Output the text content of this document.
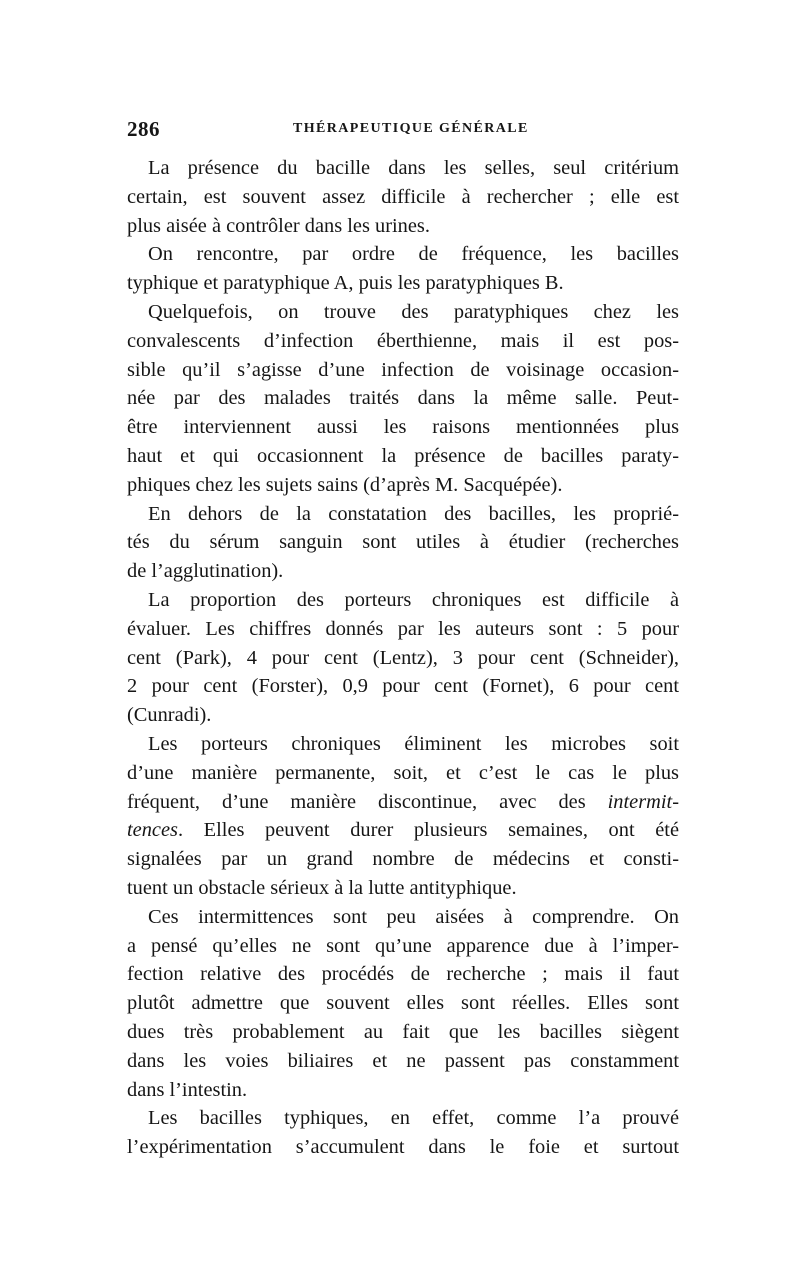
286	THÉRAPEUTIQUE GÉNÉRALE
La présence du bacille dans les selles, seul critérium
certain, est souvent assez difficile à rechercher ; elle est
plus aisée à contrôler dans les urines.
On rencontre, par ordre de fréquence, les bacilles
typhique et paratyphique A, puis les paratyphiques B.
Quelquefois, on trouve des paratyphiques chez les
convalescents d’infection éberthienne, mais il est pos-
sible qu’il s’agisse d’une infection de voisinage occasion-
née par des malades traités dans la même salle. Peut-
être interviennent aussi les raisons mentionnées plus
haut et qui occasionnent la présence de bacilles paraty-
phiques chez les sujets sains (d’après M. Sacquépée).
En dehors de la constatation des bacilles, les proprié-
tés du sérum sanguin sont utiles à étudier (recherches
de l’agglutination).
La proportion des porteurs chroniques est difficile à
évaluer. Les chiffres donnés par les auteurs sont : 5 pour
cent (Park), 4 pour cent (Lentz), 3 pour cent (Schneider),
2 pour cent (Forster), 0,9 pour cent (Fornet), 6 pour cent
(Cunradi).
Les porteurs chroniques éliminent les microbes soit
d’une manière permanente, soit, et c’est le cas le plus
fréquent, d’une manière discontinue, avec des intermit-
tences. Elles peuvent durer plusieurs semaines, ont été
signalées par un grand nombre de médecins et consti-
tuent un obstacle sérieux à la lutte antityphique.
Ces intermittences sont peu aisées à comprendre. On
a pensé qu’elles ne sont qu’une apparence due à l’imper-
fection relative des procédés de recherche ; mais il faut
plutôt admettre que souvent elles sont réelles. Elles sont
dues très probablement au fait que les bacilles siègent
dans les voies biliaires et ne passent pas constamment
dans l’intestin.
Les bacilles typhiques, en effet, comme l’a prouvé
l’expérimentation s’accumulent dans le foie et surtout
